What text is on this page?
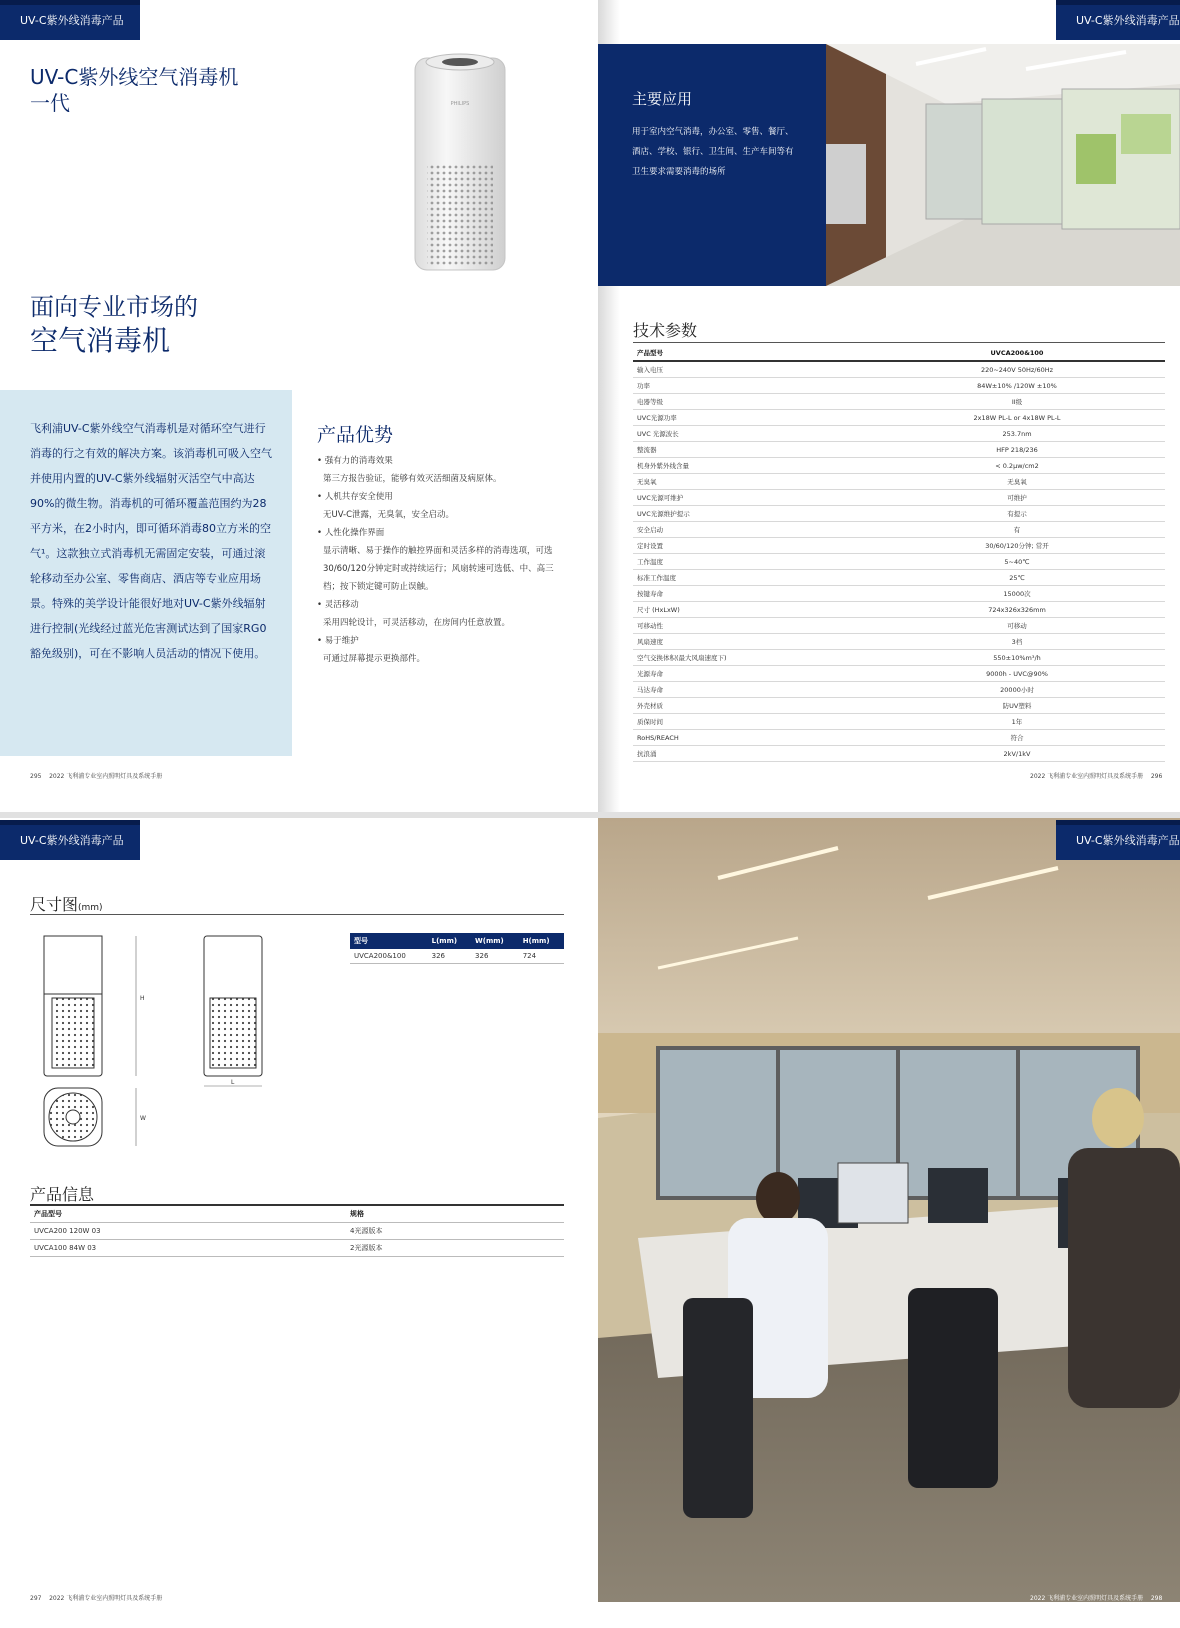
UV-C紫外线消毒产品
UV-C紫外线空气消毒机
一代	PHILIPS
面向专业市场的
空气消毒机
飞利浦UV-C紫外线空气消毒机是对循环空气进行消毒的行之有效的解决方案。该消毒机可吸入空气并使用内置的UV-C紫外线辐射灭活空气中高达90%的微生物。消毒机的可循环覆盖范围约为28平方米，在2小时内，即可循环消毒80立方米的空气¹。这款独立式消毒机无需固定安装，可通过滚轮移动至办公室、零售商店、酒店等专业应用场景。特殊的美学设计能很好地对UV-C紫外线辐射进行控制(光线经过蓝光危害测试达到了国家RG0豁免级别)，可在不影响人员活动的情况下使用。
产品优势
• 强有力的消毒效果
第三方报告验证，能够有效灭活细菌及病原体。
• 人机共存安全使用
无UV-C泄露，无臭氧，安全启动。
• 人性化操作界面
显示清晰、易于操作的触控界面和灵活多样的消毒选项，可选30/60/120分钟定时或持续运行；风扇转速可选低、中、高三档；按下锁定键可防止误触。
• 灵活移动
采用四轮设计，可灵活移动，在房间内任意放置。
• 易于维护
可通过屏幕提示更换部件。
295 2022 飞利浦专业室内照明灯具及系统手册
UV-C紫外线消毒产品
主要应用
用于室内空气消毒，办公室、零售、餐厅、酒店、学校、银行、卫生间、生产车间等有卫生要求需要消毒的场所
技术参数
产品型号	UVCA200&100
输入电压	220~240V 50Hz/60Hz
功率	84W±10% /120W ±10%
电器等级	II级
UVC光源功率	2x18W PL-L or 4x18W PL-L
UVC 光源波长	253.7nm
整流器	HFP 218/236
机身外紫外线含量	< 0.2μw/cm2
无臭氧	无臭氧
UVC光源可维护	可维护
UVC光源维护提示	有提示
安全启动	有
定时设置	30/60/120分钟; 常开
工作温度	5~40℃
标准工作温度	25℃
按键寿命	15000次
尺寸 (HxLxW)	724x326x326mm
可移动性	可移动
风扇速度	3档
空气交换体积(最大风扇速度下)	550±10%m³/h
光源寿命	9000h - UVC@90%
马达寿命	20000小时
外壳材质	防UV塑料
质保时间	1年
RoHS/REACH	符合
抗浪涌	2kV/1kV
2022 飞利浦专业室内照明灯具及系统手册 296
UV-C紫外线消毒产品
尺寸图(mm)
H
L
W
型号	L(mm)	W(mm)	H(mm)
UVCA200&100	326	326	724
产品信息
产品型号	规格
UVCA200 120W 03	4光源版本
UVCA100 84W 03	2光源版本
297 2022 飞利浦专业室内照明灯具及系统手册
UV-C紫外线消毒产品
2022 飞利浦专业室内照明灯具及系统手册 298
